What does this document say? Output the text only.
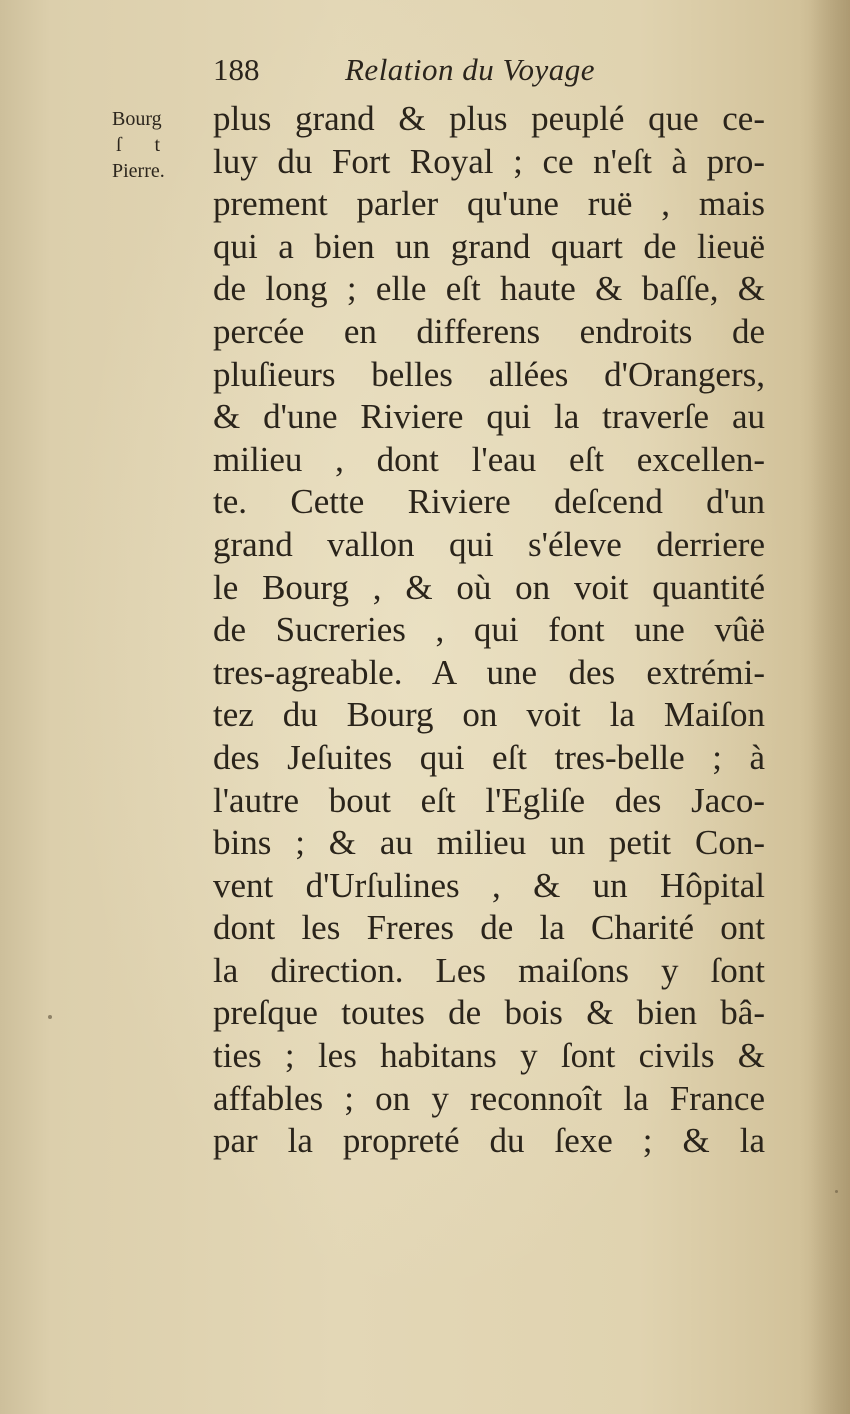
188	Relation du Voyage
Bourg
ſ t
Pierre.
plus grand & plus peuplé que ce-
luy du Fort Royal ; ce n'eſt à pro-
prement parler qu'une ruë , mais
qui a bien un grand quart de lieuë
de long ; elle eſt haute & baſſe, &
percée en differens endroits de
pluſieurs belles allées d'Orangers,
& d'une Riviere qui la traverſe au
milieu , dont l'eau eſt excellen-
te. Cette Riviere deſcend d'un
grand vallon qui s'éleve derriere
le Bourg , & où on voit quantité
de Sucreries , qui font une vûë
tres-agreable. A une des extrémi-
tez du Bourg on voit la Maiſon
des Jeſuites qui eſt tres-belle ; à
l'autre bout eſt l'Egliſe des Jaco-
bins ; & au milieu un petit Con-
vent d'Urſulines , & un Hôpital
dont les Freres de la Charité ont
la direction. Les maiſons y ſont
preſque toutes de bois & bien bâ-
ties ; les habitans y ſont civils &
affables ; on y reconnoît la France
par la propreté du ſexe ; & la
